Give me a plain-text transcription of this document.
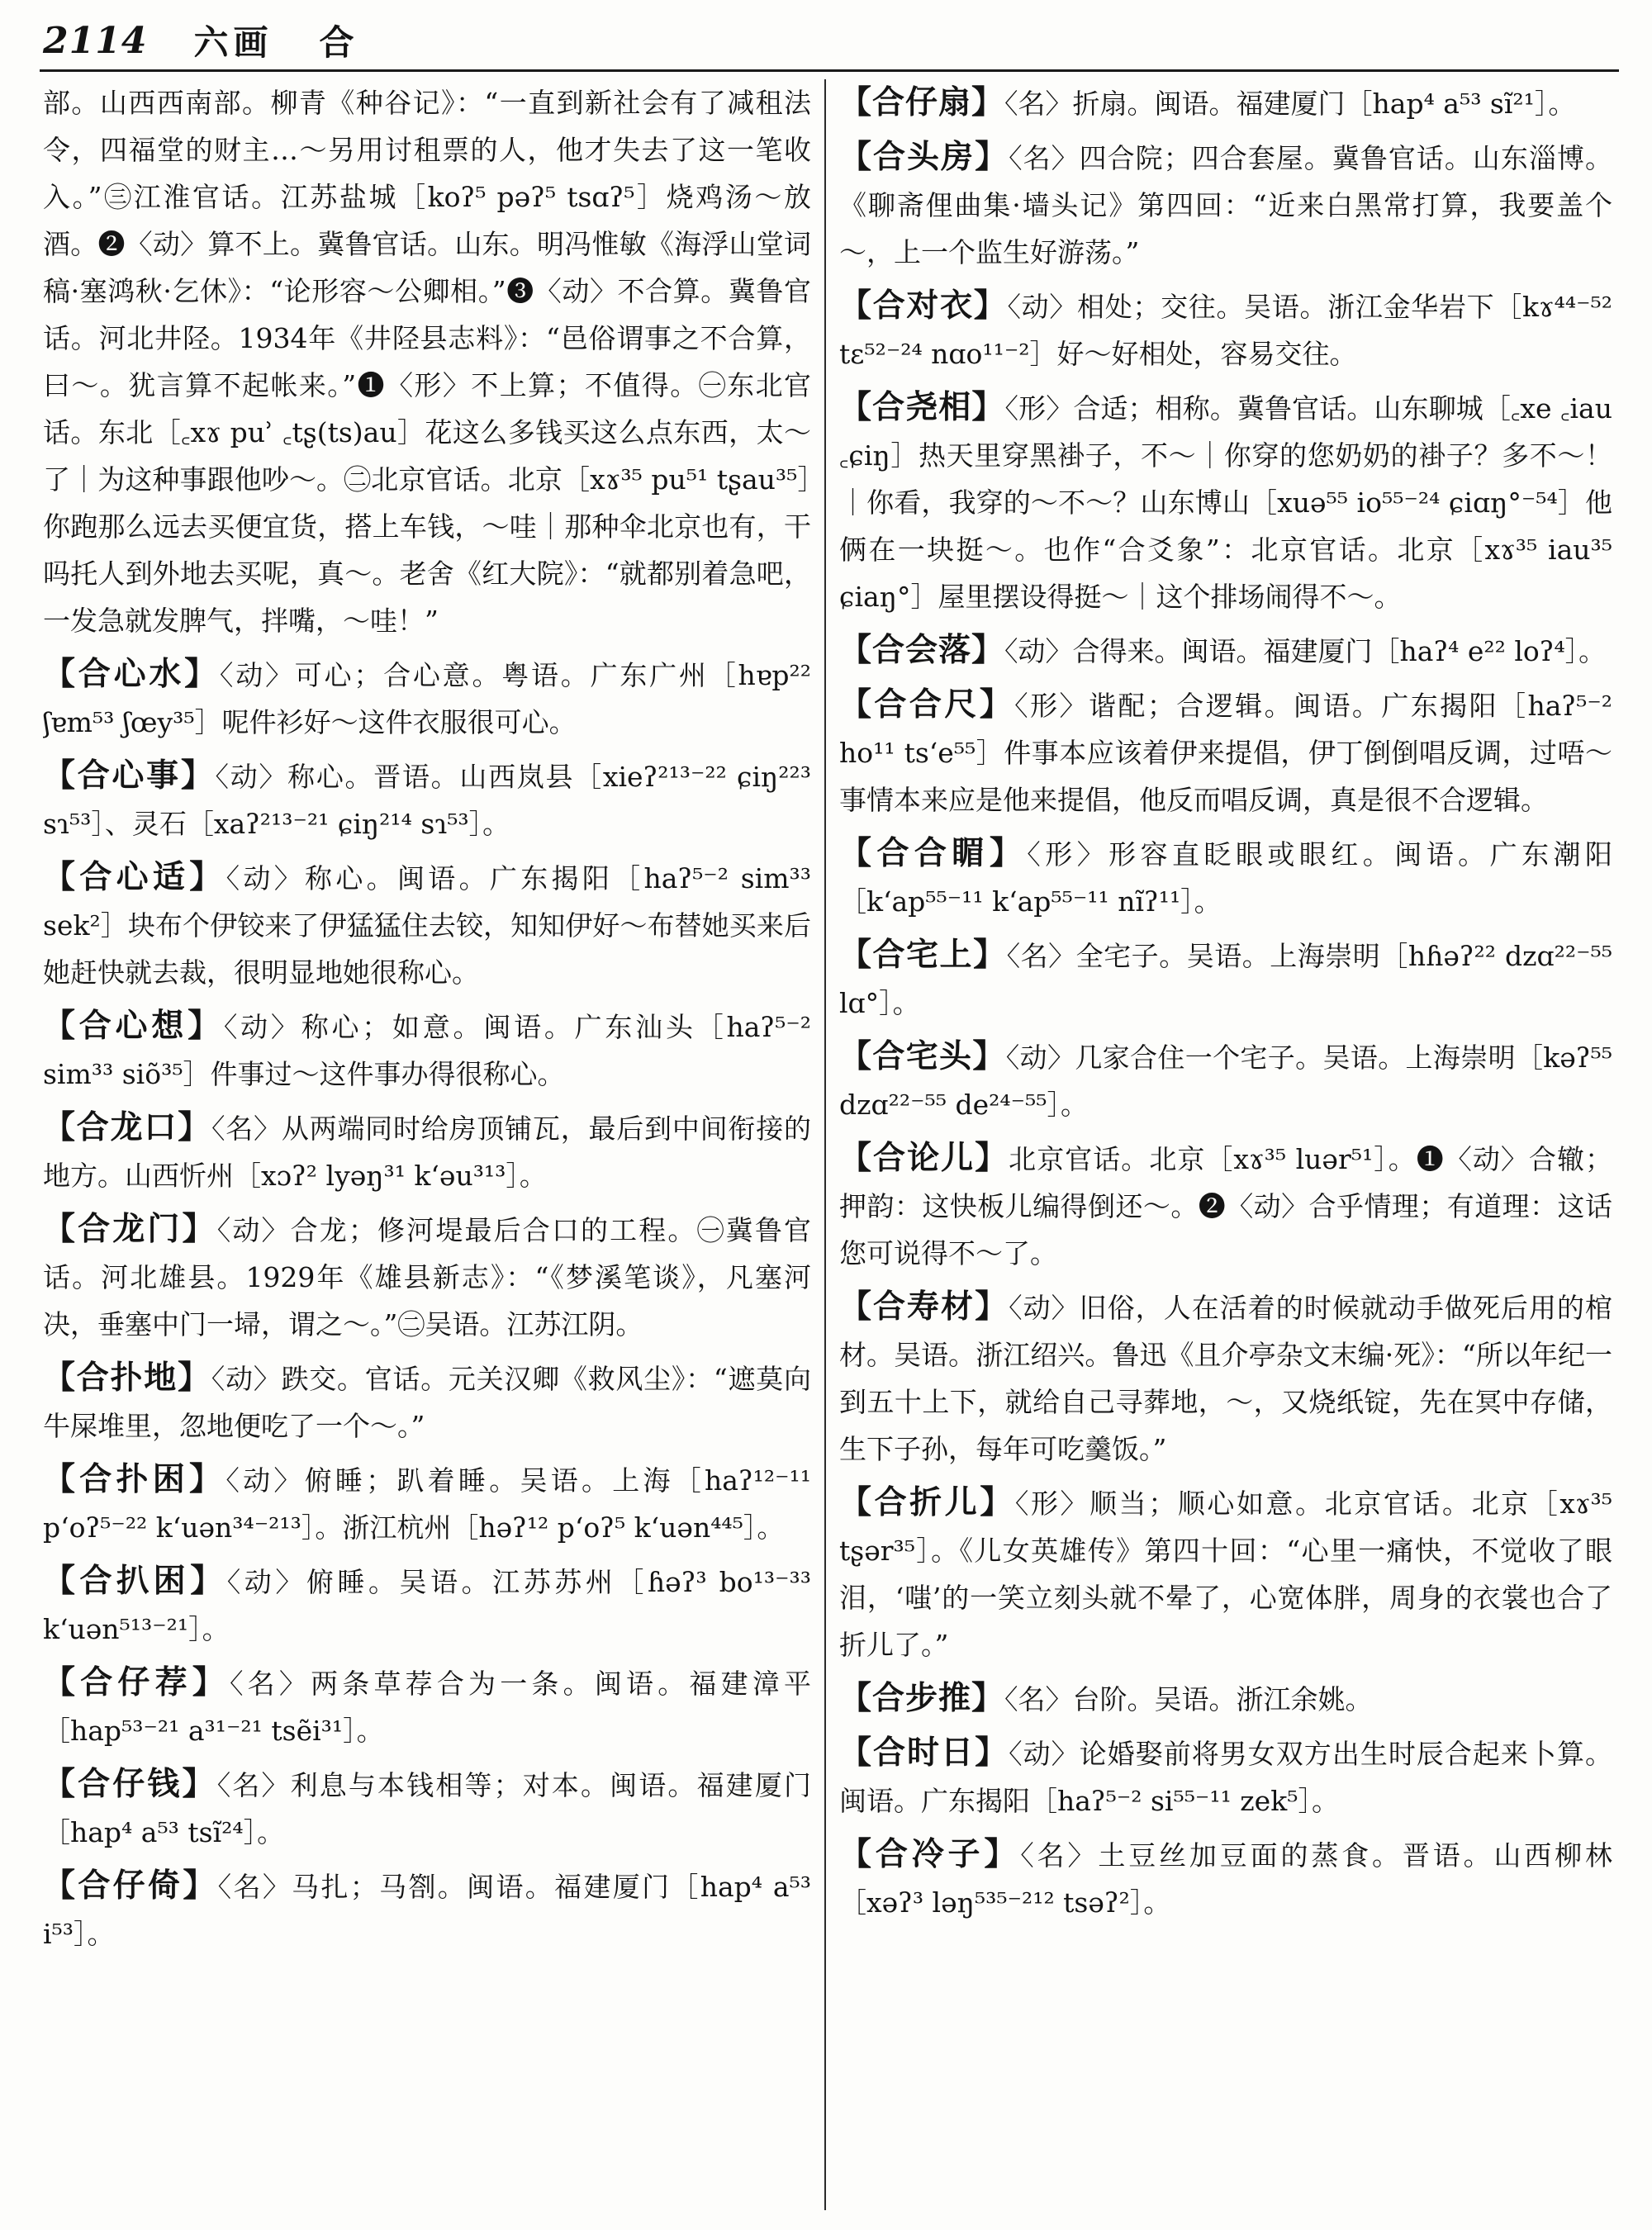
2114 六画 合

部。山西西南部。柳青《种谷记》：“一直到新社会有了减租法令，四福堂的财主…～另用讨租票的人，他才失去了这一笔收入。”㊂江淮官话。江苏盐城［koʔ⁵ pəʔ⁵ tsɑʔ⁵］烧鸡汤～放酒。❷〈动〉算不上。冀鲁官话。山东。明冯惟敏《海浮山堂词稿·塞鸿秋·乞休》：“论形容～公卿相。”❸〈动〉不合算。冀鲁官话。河北井陉。1934年《井陉县志料》：“邑俗谓事之不合算，曰～。犹言算不起帐来。”❶〈形〉不上算；不值得。㊀东北官话。东北［꜀xɤ puʾ ꜀tʂ(ts)au］花这么多钱买这么点东西，太～了｜为这种事跟他吵～。㊁北京官话。北京［xɤ³⁵ pu⁵¹ tʂau³⁵］你跑那么远去买便宜货，搭上车钱，～哇｜那种伞北京也有，干吗托人到外地去买呢，真～。老舍《红大院》：“就都别着急吧，一发急就发脾气，拌嘴，～哇！”

【合心水】〈动〉可心；合心意。粤语。广东广州［hɐp²² ʃɐm⁵³ ʃœy³⁵］呢件衫好～这件衣服很可心。

【合心事】〈动〉称心。晋语。山西岚县［xieʔ²¹³⁻²² ɕiŋ²²³ sɿ⁵³］、灵石［xaʔ²¹³⁻²¹ ɕiŋ²¹⁴ sɿ⁵³］。

【合心适】〈动〉称心。闽语。广东揭阳［haʔ⁵⁻² sim³³ sek²］块布个伊铰来了伊猛猛住去铰，知知伊好～布替她买来后她赶快就去裁，很明显地她很称心。

【合心想】〈动〉称心；如意。闽语。广东汕头［haʔ⁵⁻² sim³³ siõ³⁵］件事过～这件事办得很称心。

【合龙口】〈名〉从两端同时给房顶铺瓦，最后到中间衔接的地方。山西忻州［xɔʔ² lyəŋ³¹ k‘əu³¹³］。

【合龙门】〈动〉合龙；修河堤最后合口的工程。㊀冀鲁官话。河北雄县。1929年《雄县新志》：“《梦溪笔谈》，凡塞河决，垂塞中门一埽，谓之～。”㊁吴语。江苏江阴。

【合扑地】〈动〉跌交。官话。元关汉卿《救风尘》：“遮莫向牛屎堆里，忽地便吃了一个～。”

【合扑困】〈动〉俯睡；趴着睡。吴语。上海［haʔ¹²⁻¹¹ p‘oʔ⁵⁻²² k‘uən³⁴⁻²¹³］。浙江杭州［həʔ¹² p‘oʔ⁵ k‘uən⁴⁴⁵］。

【合扒困】〈动〉俯睡。吴语。江苏苏州［ɦəʔ³ bo¹³⁻³³ k‘uən⁵¹³⁻²¹］。

【合仔荐】〈名〉两条草荐合为一条。闽语。福建漳平［hap⁵³⁻²¹ a³¹⁻²¹ tsẽi³¹］。

【合仔钱】〈名〉利息与本钱相等；对本。闽语。福建厦门［hap⁴ a⁵³ tsĩ²⁴］。

【合仔倚】〈名〉马扎；马劄。闽语。福建厦门［hap⁴ a⁵³ i⁵³］。

【合仔扇】〈名〉折扇。闽语。福建厦门［hap⁴ a⁵³ sĩ²¹］。

【合头房】〈名〉四合院；四合套屋。冀鲁官话。山东淄博。《聊斋俚曲集·墙头记》第四回：“近来白黑常打算，我要盖个～，上一个监生好游荡。”

【合对衣】〈动〉相处；交往。吴语。浙江金华岩下［kɤ⁴⁴⁻⁵² tɛ⁵²⁻²⁴ nɑo¹¹⁻²］好～好相处，容易交往。

【合尧相】〈形〉合适；相称。冀鲁官话。山东聊城［꜀xe ꜀iau ꜀ɕiŋ］热天里穿黑褂子，不～｜你穿的您奶奶的褂子？多不～！｜你看，我穿的～不～？山东博山［xuə⁵⁵ io⁵⁵⁻²⁴ ɕiɑŋ°⁻⁵⁴］他俩在一块挺～。也作“合爻象”：北京官话。北京［xɤ³⁵ iau³⁵ ɕiaŋ°］屋里摆设得挺～｜这个排场闹得不～。

【合会落】〈动〉合得来。闽语。福建厦门［haʔ⁴ e²² loʔ⁴］。

【合合尺】〈形〉谐配；合逻辑。闽语。广东揭阳［haʔ⁵⁻² ho¹¹ ts‘e⁵⁵］件事本应该着伊来提倡，伊丁倒倒唱反调，过唔～事情本来应是他来提倡，他反而唱反调，真是很不合逻辑。

【合合睸】〈形〉形容直眨眼或眼红。闽语。广东潮阳［k‘ap⁵⁵⁻¹¹ k‘ap⁵⁵⁻¹¹ nĩʔ¹¹］。

【合宅上】〈名〉全宅子。吴语。上海崇明［hɦəʔ²² dzɑ²²⁻⁵⁵ lɑ°］。

【合宅头】〈动〉几家合住一个宅子。吴语。上海崇明［kəʔ⁵⁵ dzɑ²²⁻⁵⁵ de²⁴⁻⁵⁵］。

【合论儿】北京官话。北京［xɤ³⁵ luər⁵¹］。❶〈动〉合辙；押韵：这快板儿编得倒还～。❷〈动〉合乎情理；有道理：这话您可说得不～了。

【合寿材】〈动〉旧俗，人在活着的时候就动手做死后用的棺材。吴语。浙江绍兴。鲁迅《且介亭杂文末编·死》：“所以年纪一到五十上下，就给自己寻葬地，～，又烧纸锭，先在冥中存储，生下子孙，每年可吃羹饭。”

【合折儿】〈形〉顺当；顺心如意。北京官话。北京［xɤ³⁵ tʂər³⁵］。《儿女英雄传》第四十回：“心里一痛快，不觉收了眼泪，‘嗤’的一笑立刻头就不晕了，心宽体胖，周身的衣裳也合了折儿了。”

【合步推】〈名〉台阶。吴语。浙江余姚。

【合时日】〈动〉论婚娶前将男女双方出生时辰合起来卜算。闽语。广东揭阳［haʔ⁵⁻² si⁵⁵⁻¹¹ zek⁵］。

【合冷子】〈名〉土豆丝加豆面的蒸食。晋语。山西柳林［xəʔ³ ləŋ⁵³⁵⁻²¹² tsəʔ²］。
